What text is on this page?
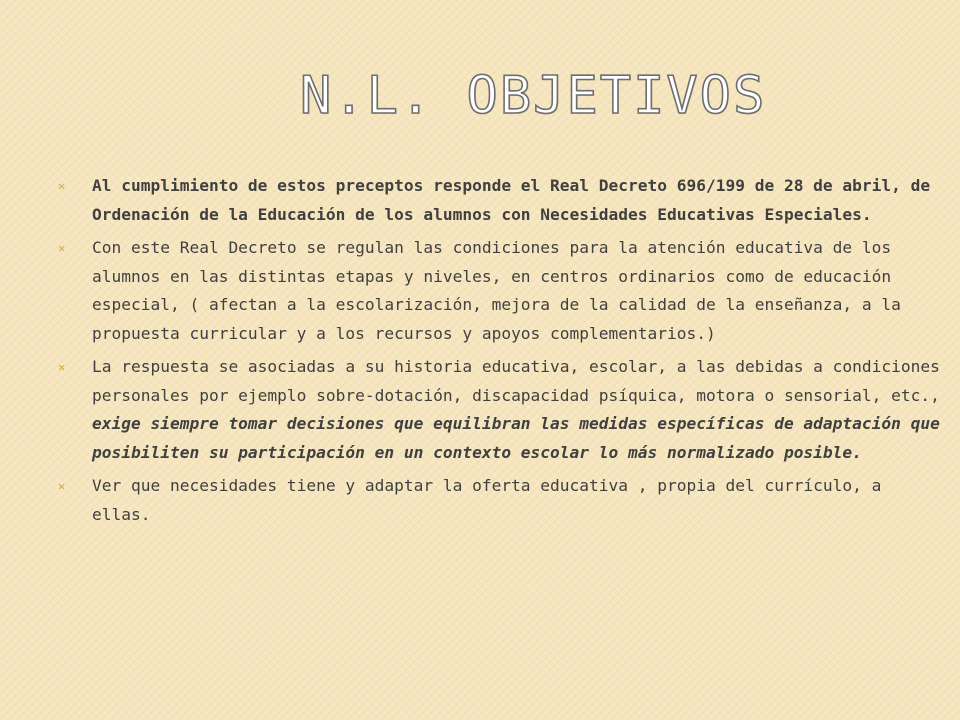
N.L. OBJETIVOS
✕ Al cumplimiento de estos preceptos responde el Real Decreto 696/199 de 28 de abril, de Ordenación de la Educación de los alumnos con Necesidades Educativas Especiales.
✕ Con este Real Decreto se regulan las condiciones para la atención educativa de los alumnos en las distintas etapas y niveles, en centros ordinarios como de educación especial, ( afectan a la escolarización, mejora de la calidad de la enseñanza, a la propuesta curricular y a los recursos y apoyos complementarios.)
✕ La respuesta se asociadas a su historia educativa, escolar, a las debidas a condiciones personales por ejemplo sobre-dotación, discapacidad psíquica, motora o sensorial, etc., exige siempre tomar decisiones que equilibran las medidas específicas de adaptación que posibiliten su participación en un contexto escolar lo más normalizado posible.
✕ Ver que necesidades tiene y adaptar la oferta educativa , propia del currículo, a ellas.
